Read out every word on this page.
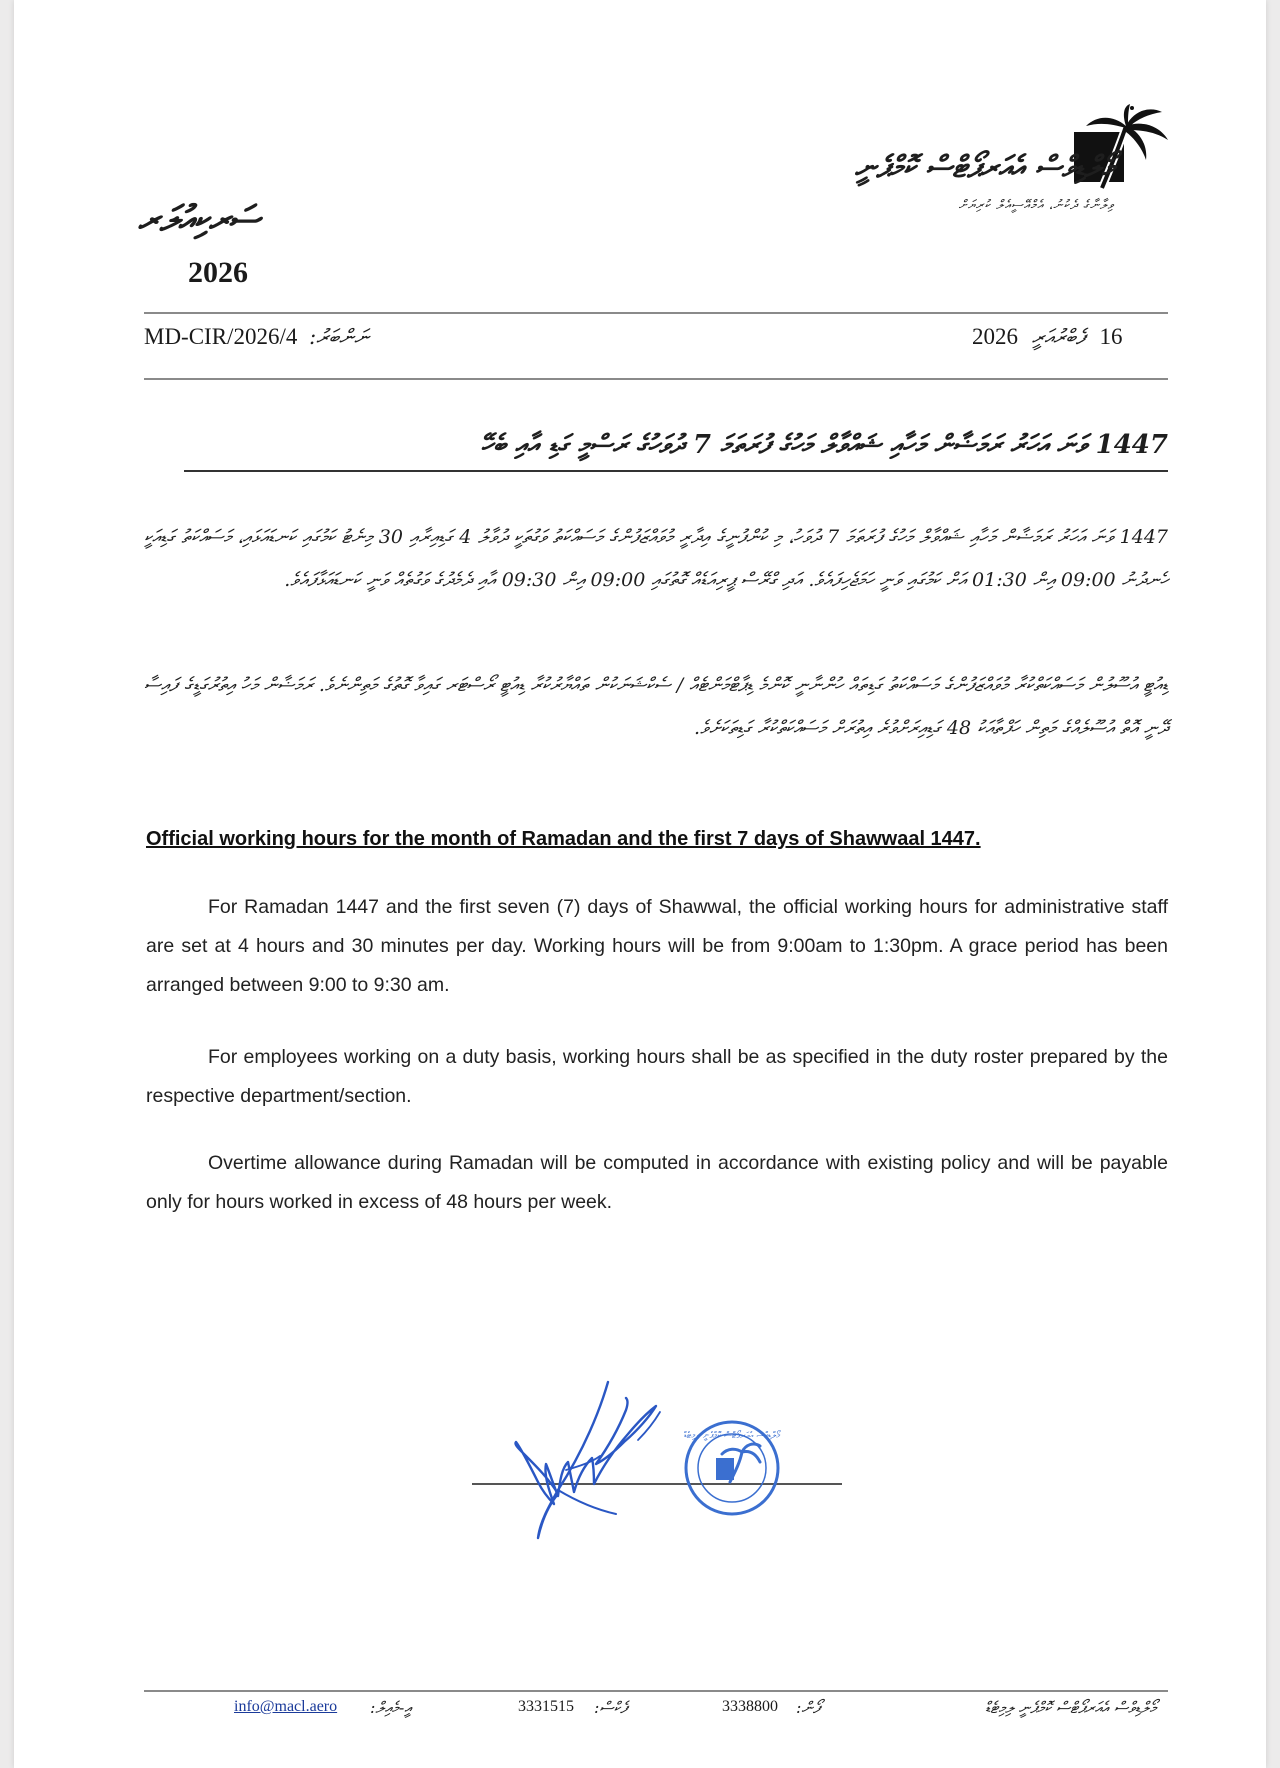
މޯލްޑިވްސް އެއަރޕޯޓްސް ކޮމްޕެނީ
ވިލާނާގެ ދެކުނު، އެމްއޭސީއެލް ކުރިޔަށް
ސަރކިއުލަރ
2026
MD-CIR/2026/4 ނަންބަރު:	2026 ފެބްރުއަރީ 16
1447 ވަނަ އަހަރު ރަމަޟާން މަހާއި ޝައްވާލް މަހުގެ ފުރަތަމަ 7 ދުވަހުގެ ރަސްމީ ގަޑި އާއި ބެހޭ
1447 ވަނަ އަހަރު ރަމަޟާން މަހާއި ޝައްވާލް މަހުގެ ފުރަތަމަ 7 ދުވަހު، މި ކުންފުނީގެ އިދާރީ މުވައްޒަފުންގެ މަސައްކަތު ވަގުތަކީ ދުވާލު 4 ގަޑިއިރާއި 30 މިނެޓު ކަމުގައި ކަނޑައަޅައި، މަސައްކަތު ގަޑިއަކީ ހެނދުނު 09:00 އިން 01:30 އަށް ކަމުގައި ވަނީ ހަމަޖެހިފައެވެ. އަދި ގްރޭސް ޕީރިއަޑެއް ގޮތުގައި 09:00 އިން 09:30 އާއި ދެމެދުގެ ވަގުތެއް ވަނީ ކަނޑައަޅާފައެވެ.
ޑިއުޓީ އުސޫލުން މަސައްކަތްކުރާ މުވައްޒަފުންގެ މަސައްކަތު ގަޑިތައް ހުންނާނީ ކޮންމެ ޑިޕާޓްމަންޓެއް / ސެކްޝަނަކުން ތައްޔާރުކުރާ ޑިއުޓީ ރޯސްޓަރ ގައިވާ ގޮތުގެ މަތިންނެވެ. ރަމަޟާން މަހު އިތުރުގަޑީގެ ފައިސާ ދޭނީ އޮތް އުސޫލެއްގެ މަތިން ހަފްތާއަކު 48 ގަޑިއިރަށްވުރެ އިތުރަށް މަސައްކަތްކުރާ ގަޑިތަކަށެވެ.
Official working hours for the month of Ramadan and the first 7 days of Shawwaal 1447.
For Ramadan 1447 and the first seven (7) days of Shawwal, the official working hours for administrative staff are set at 4 hours and 30 minutes per day. Working hours will be from 9:00am to 1:30pm. A grace period has been arranged between 9:00 to 9:30 am.
For employees working on a duty basis, working hours shall be as specified in the duty roster prepared by the respective department/section.
Overtime allowance during Ramadan will be computed in accordance with existing policy and will be payable only for hours worked in excess of 48 hours per week.
މޯލްޑިވްސް އެއަރޕޯޓްސް ކޮމްޕެނީ ލިމިޓެޑް
info@macl.aero އީ-މެއިލް:	3331515 ފެކްސް:	3338800 ފޯން:	މޯލްޑިވްސް އެއަރޕޯޓްސް ކޮމްޕެނީ ލިމިޓެޑް
